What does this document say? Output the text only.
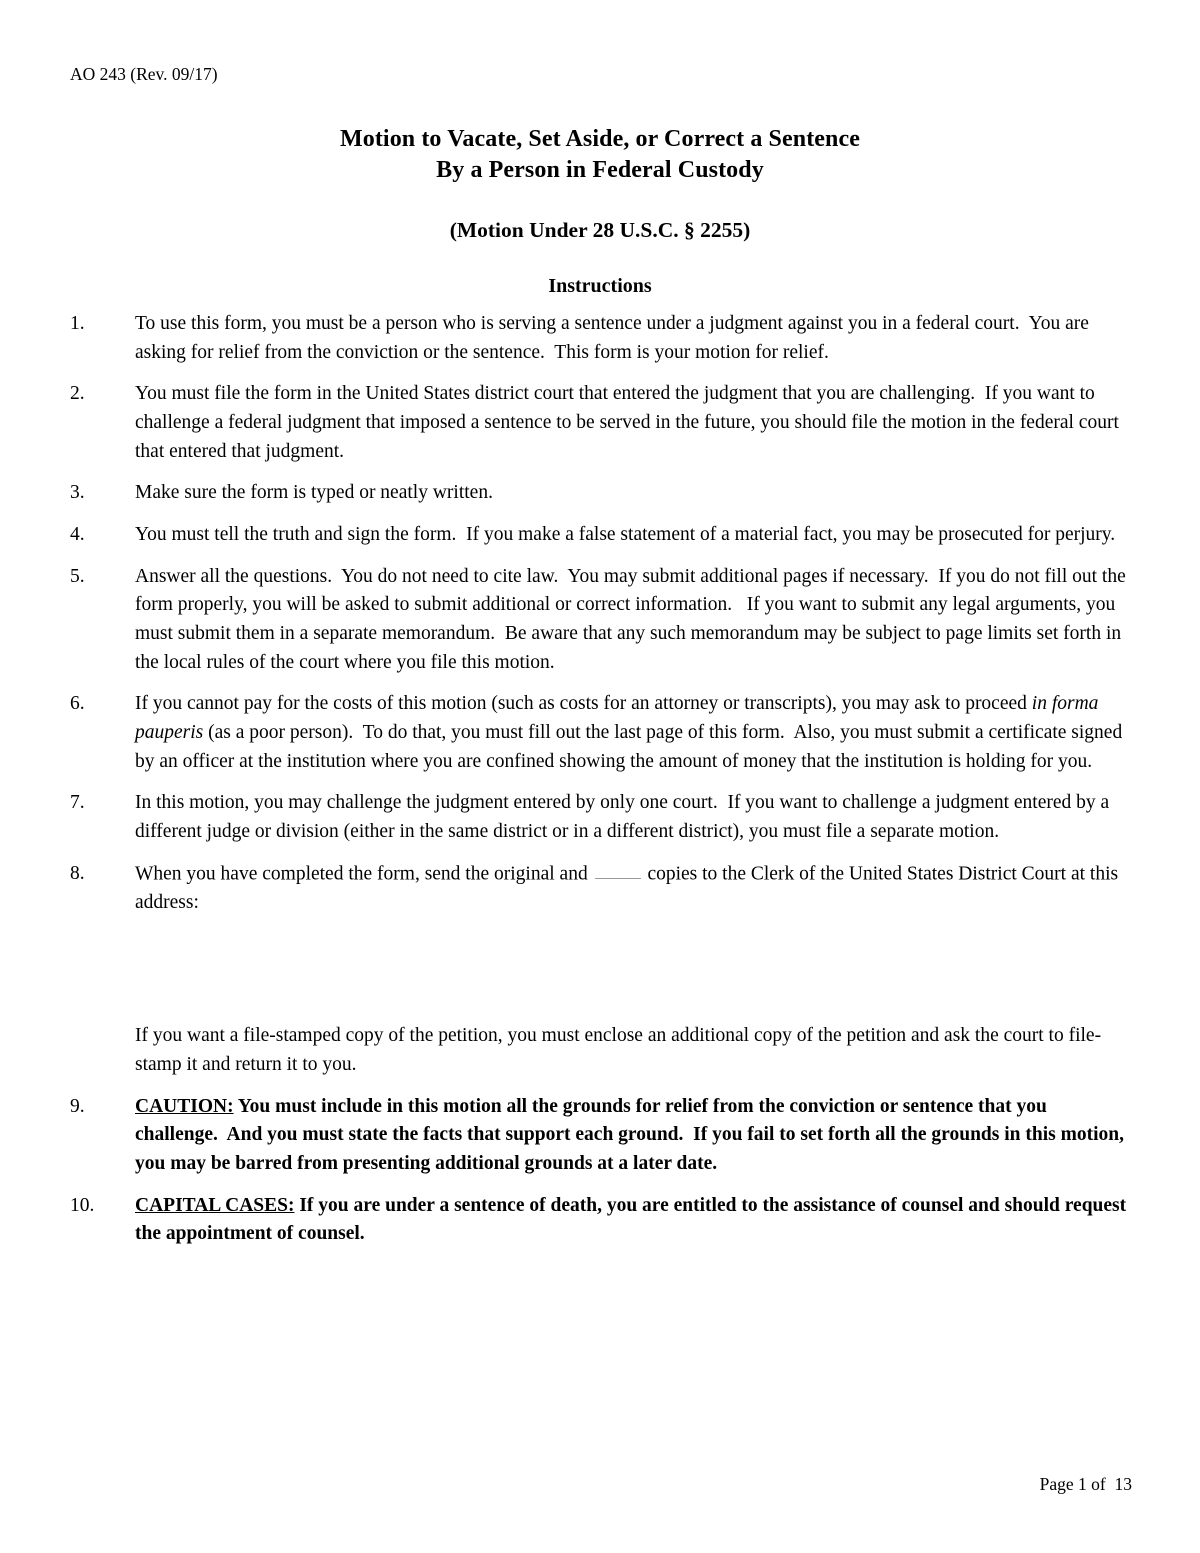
AO 243 (Rev. 09/17)
Motion to Vacate, Set Aside, or Correct a Sentence
By a Person in Federal Custody
(Motion Under 28 U.S.C. § 2255)
Instructions
1.	To use this form, you must be a person who is serving a sentence under a judgment against you in a federal court.  You are asking for relief from the conviction or the sentence.  This form is your motion for relief.
2.	You must file the form in the United States district court that entered the judgment that you are challenging.  If you want to challenge a federal judgment that imposed a sentence to be served in the future, you should file the motion in the federal court that entered that judgment.
3.	Make sure the form is typed or neatly written.
4.	You must tell the truth and sign the form.  If you make a false statement of a material fact, you may be prosecuted for perjury.
5.	Answer all the questions.  You do not need to cite law.  You may submit additional pages if necessary.  If you do not fill out the form properly, you will be asked to submit additional or correct information.   If you want to submit any legal arguments, you must submit them in a separate memorandum.  Be aware that any such memorandum may be subject to page limits set forth in the local rules of the court where you file this motion.
6.	If you cannot pay for the costs of this motion (such as costs for an attorney or transcripts), you may ask to proceed in forma pauperis (as a poor person).  To do that, you must fill out the last page of this form.  Also, you must submit a certificate signed by an officer at the institution where you are confined showing the amount of money that the institution is holding for you.
7.	In this motion, you may challenge the judgment entered by only one court.  If you want to challenge a judgment entered by a different judge or division (either in the same district or in a different district), you must file a separate motion.
8.	When you have completed the form, send the original and	copies to the Clerk of the United States District Court at this address:
If you want a file-stamped copy of the petition, you must enclose an additional copy of the petition and ask the court to file-stamp it and return it to you.
9.	CAUTION: You must include in this motion all the grounds for relief from the conviction or sentence that you challenge.  And you must state the facts that support each ground.  If you fail to set forth all the grounds in this motion, you may be barred from presenting additional grounds at a later date.
10.	CAPITAL CASES: If you are under a sentence of death, you are entitled to the assistance of counsel and should request the appointment of counsel.
Page 1 of  13
